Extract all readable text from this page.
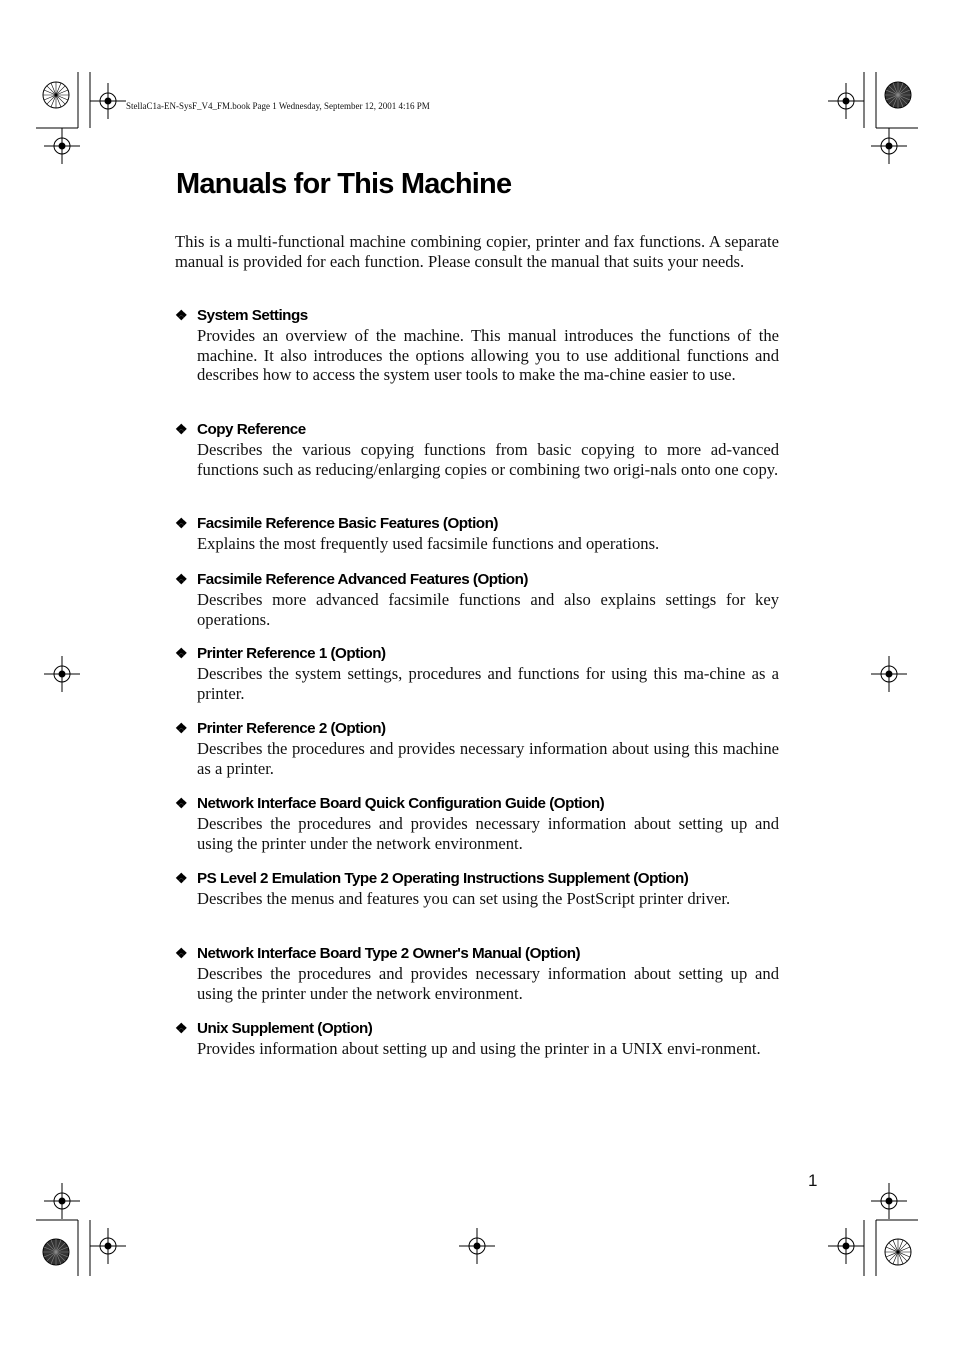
StellaC1a-EN-SysF_V4_FM.book Page 1 Wednesday, September 12, 2001 4:16 PM
Manuals for This Machine

This is a multi-functional machine combining copier, printer and fax functions. A separate manual is provided for each function. Please consult the manual that suits your needs.

❖ System Settings

Provides an overview of the machine. This manual introduces the functions of the machine. It also introduces the options allowing you to use additional functions and describes how to access the system user tools to make the ma-chine easier to use.

❖ Copy Reference

Describes the various copying functions from basic copying to more ad-vanced functions such as reducing/enlarging copies or combining two origi-nals onto one copy.

❖ Facsimile Reference Basic Features (Option)

Explains the most frequently used facsimile functions and operations.

❖ Facsimile Reference Advanced Features (Option)

Describes more advanced facsimile functions and also explains settings for key operations.

❖ Printer Reference 1 (Option)

Describes the system settings, procedures and functions for using this ma-chine as a printer.

❖ Printer Reference 2 (Option)

Describes the procedures and provides necessary information about using this machine as a printer.

❖ Network Interface Board Quick Configuration Guide (Option)

Describes the procedures and provides necessary information about setting up and using the printer under the network environment.

❖ PS Level 2 Emulation Type 2 Operating Instructions Supplement (Option)

Describes the menus and features you can set using the PostScript printer driver.

❖ Network Interface Board Type 2 Owner's Manual (Option)

Describes the procedures and provides necessary information about setting up and using the printer under the network environment.

❖ Unix Supplement (Option)

Provides information about setting up and using the printer in a UNIX envi-ronment.

1
